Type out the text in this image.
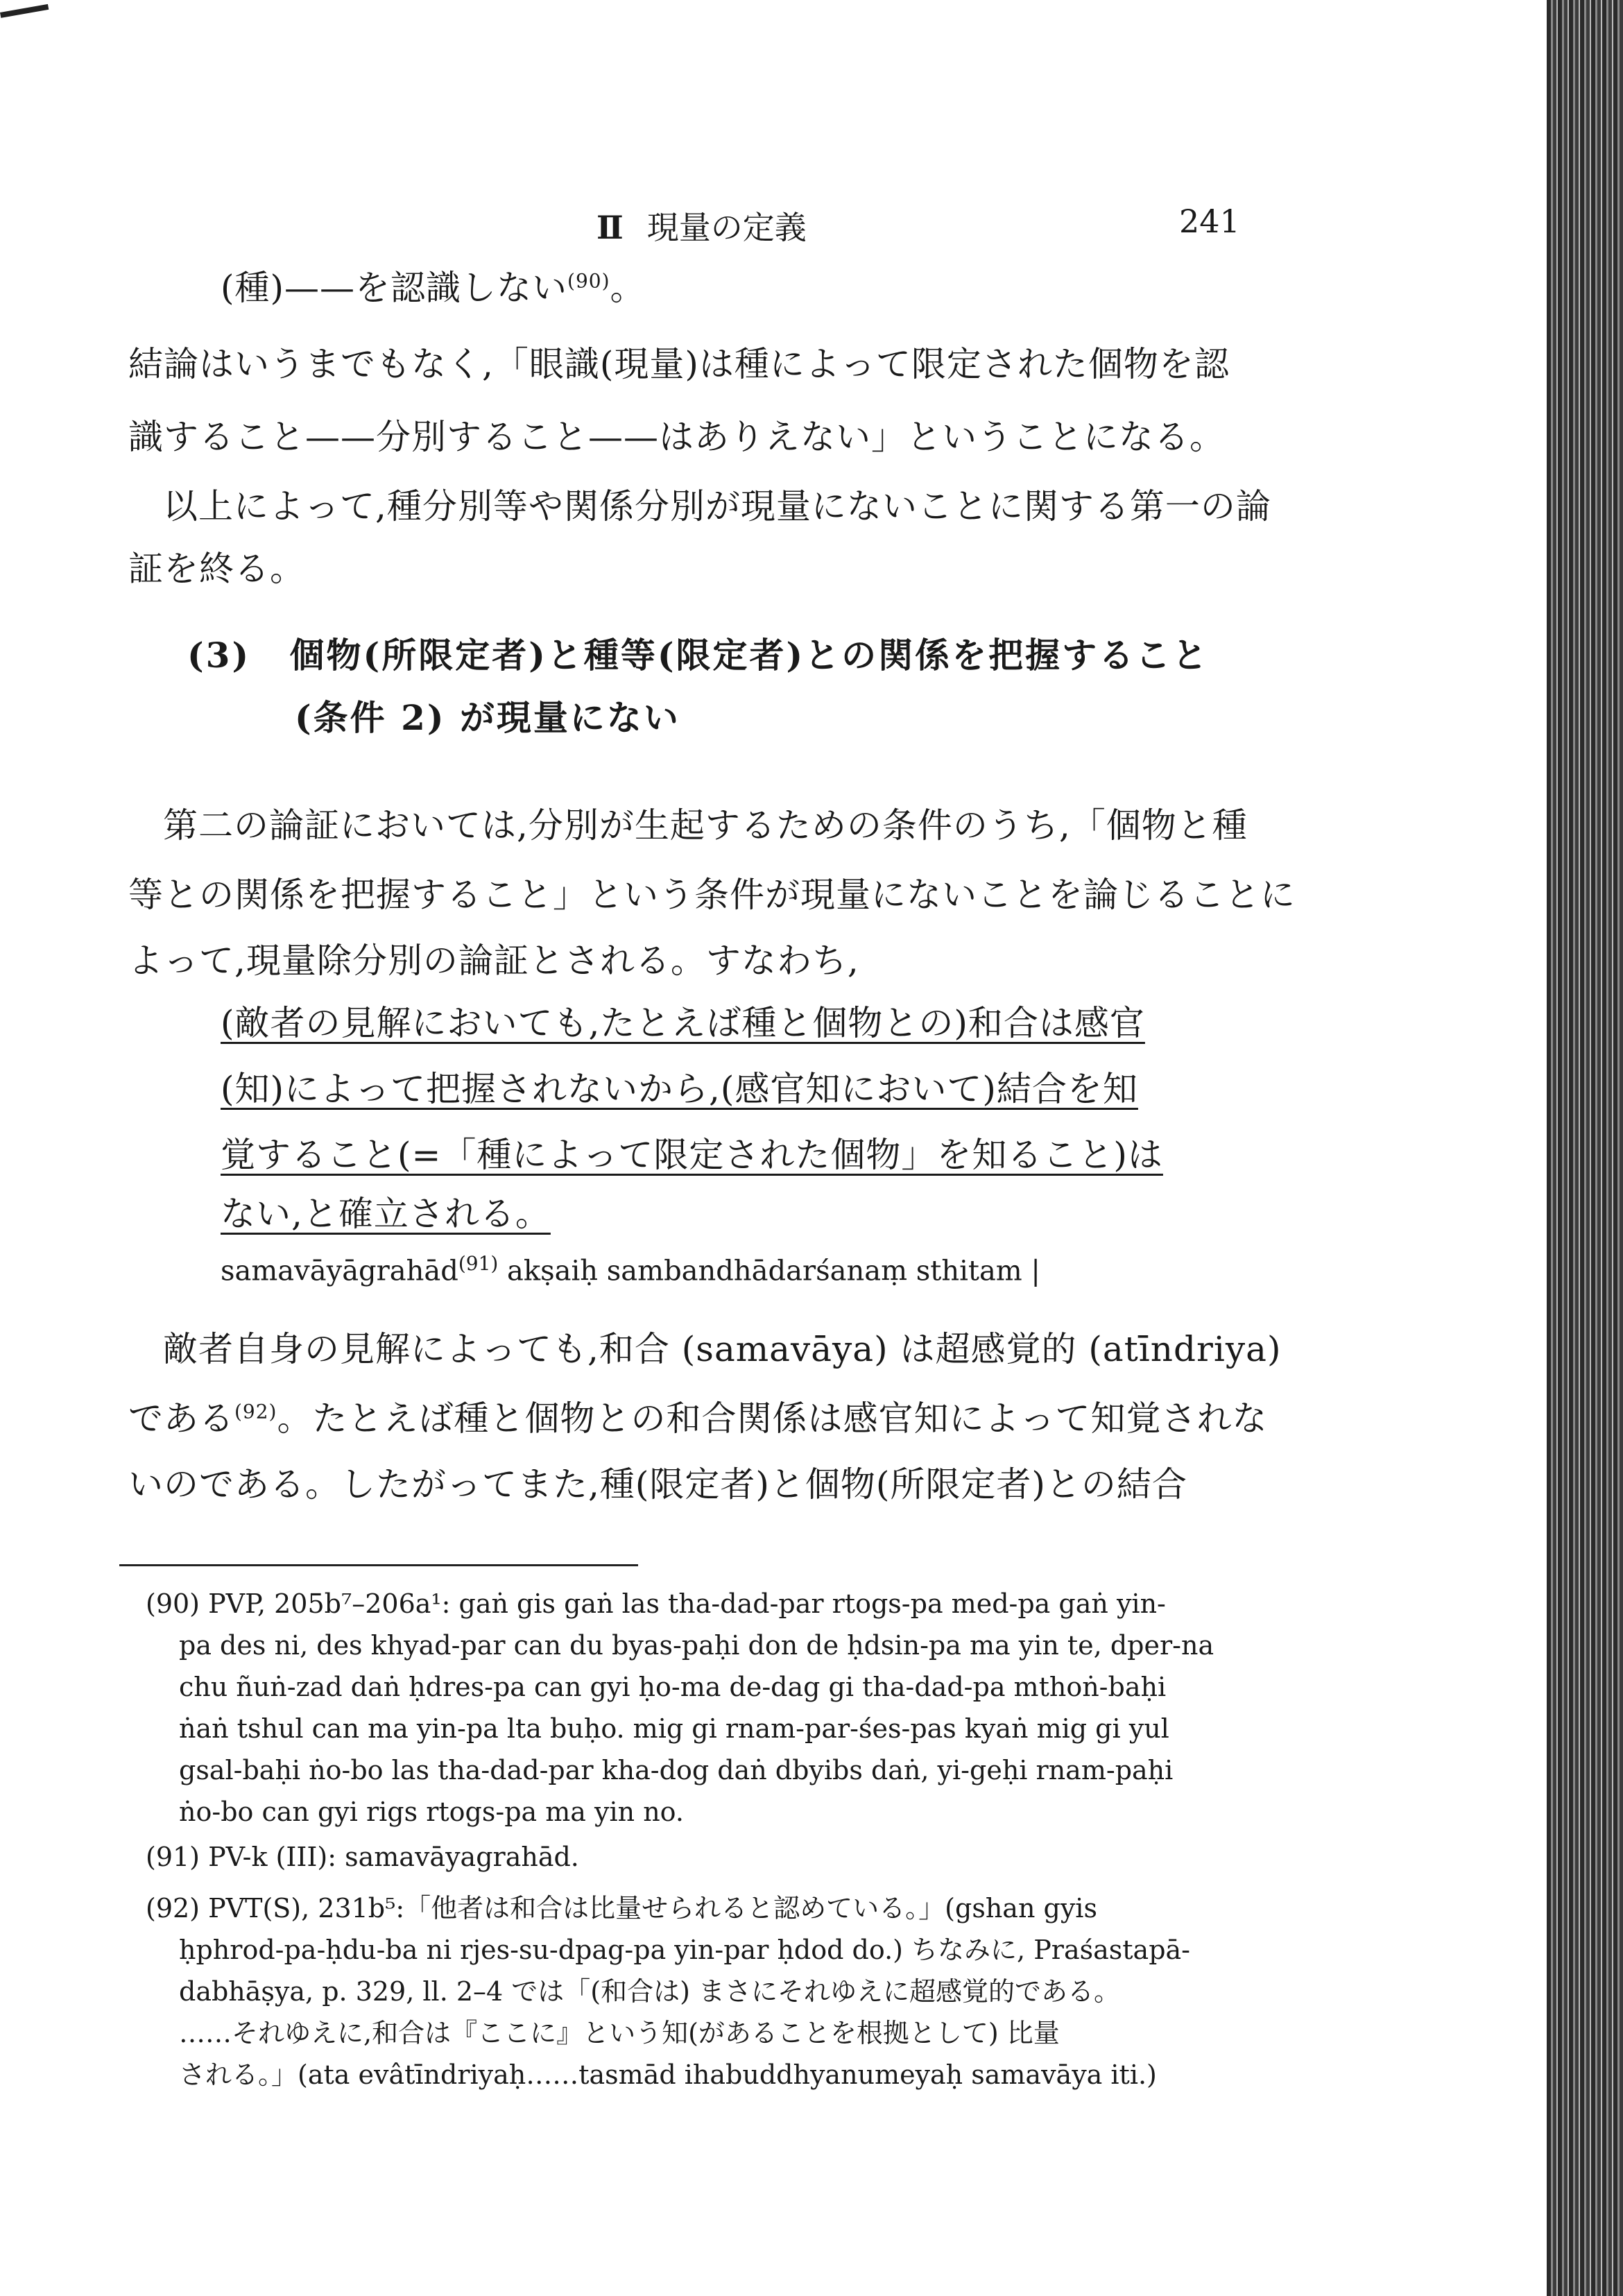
Ⅱ 現量の定義	241
(種)——を認識しない$^{(90)}$。
結論はいうまでもなく,「眼識(現量)は種によって限定された個物を認
識すること——分別すること——はありえない」ということになる。
以上によって,種分別等や関係分別が現量にないことに関する第一の論
証を終る。
(3) 個物(所限定者)と種等(限定者)との関係を把握すること
(条件 2) が現量にない
第二の論証においては,分別が生起するための条件のうち,「個物と種
等との関係を把握すること」という条件が現量にないことを論じることに
よって,現量除分別の論証とされる。すなわち,
(敵者の見解においても,たとえば種と個物との)和合は感官
(知)によって把握されないから,(感官知において)結合を知
覚すること(=「種によって限定された個物」を知ること)は
ない,と確立される。
samavāyāgrahād$^{(91)}$ akṣaiḥ sambandhādarśanaṃ sthitam |
敵者自身の見解によっても,和合 (samavāya) は超感覚的 (atīndriya)
である$^{(92)}$。たとえば種と個物との和合関係は感官知によって知覚されな
いのである。したがってまた,種(限定者)と個物(所限定者)との結合
(90) PVP, 205b⁷–206a¹: gaṅ gis gaṅ las tha-dad-par rtogs-pa med-pa gaṅ yin-
pa des ni, des khyad-par can du byas-paḥi don de ḥdsin-pa ma yin te, dper-na
chu ñuṅ-zad daṅ ḥdres-pa can gyi ḥo-ma de-dag gi tha-dad-pa mthoṅ-baḥi
ṅaṅ tshul can ma yin-pa lta buḥo. mig gi rnam-par-śes-pas kyaṅ mig gi yul
gsal-baḥi ṅo-bo las tha-dad-par kha-dog daṅ dbyibs daṅ, yi-geḥi rnam-paḥi
ṅo-bo can gyi rigs rtogs-pa ma yin no.
(91) PV-k (III): samavāyagrahād.
(92) PVT(S), 231b⁵:「他者は和合は比量せられると認めている。」(gshan gyis
ḥphrod-pa-ḥdu-ba ni rjes-su-dpag-pa yin-par ḥdod do.) ちなみに, Praśastapā-
dabhāṣya, p. 329, ll. 2–4 では「(和合は) まさにそれゆえに超感覚的である。
……それゆえに,和合は『ここに』という知(があることを根拠として) 比量
される。」(ata evâtīndriyaḥ……tasmād ihabuddhyanumeyaḥ samavāya iti.)
